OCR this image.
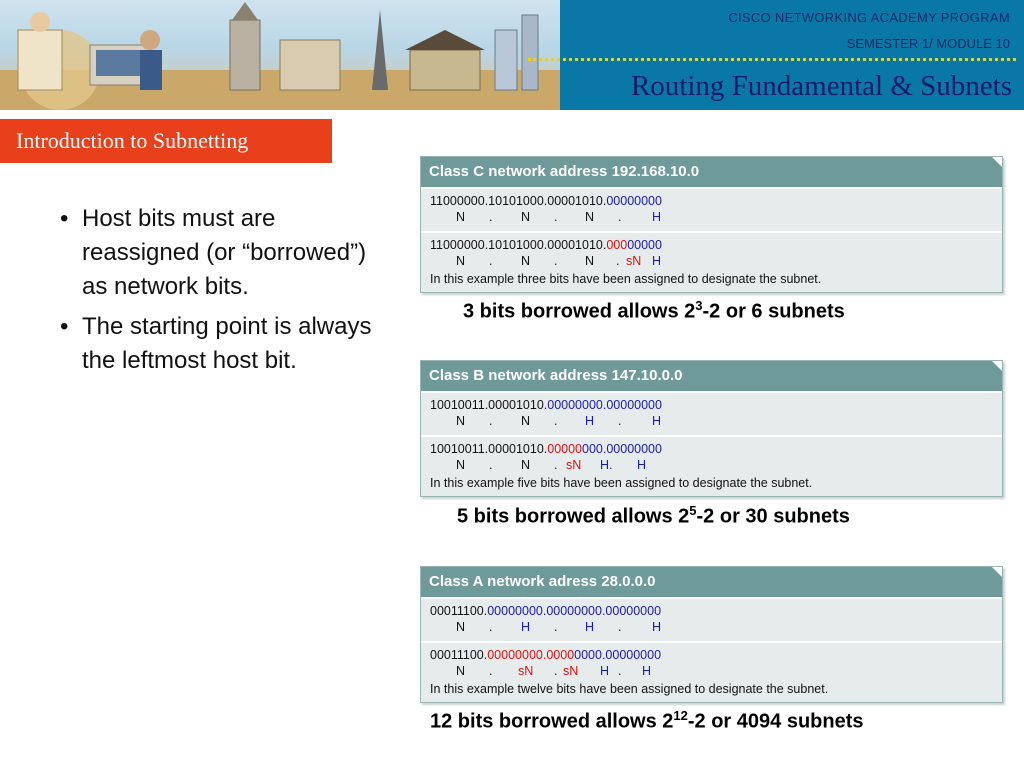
CISCO NETWORKING ACADEMY PROGRAM
SEMESTER 1/ MODULE 10
Routing Fundamental & Subnets
Introduction to Subnetting
• Host bits must are reassigned (or “borrowed”) as network bits.
• The starting point is always the leftmost host bit.
Class C network address 192.168.10.0
11000000.10101000.00001010.00000000
N . N . N . H
11000000.10101000.00001010.00000000
N . N . N . sN H
In this example three bits have been assigned to designate the subnet.
3 bits borrowed allows $2^3-2$ or 6 subnets
Class B network address 147.10.0.0
10010011.00001010.00000000.00000000
N . N . H . H
10010011.00001010.00000000.00000000
N . N . sN H. H
In this example five bits have been assigned to designate the subnet.
5 bits borrowed allows $2^5-2$ or 30 subnets
Class A network adress 28.0.0.0
00011100.00000000.00000000.00000000
N . H . H . H
00011100.00000000.00000000.00000000
N . sN . sN H . H
In this example twelve bits have been assigned to designate the subnet.
12 bits borrowed allows $2^{12}-2$ or 4094 subnets
